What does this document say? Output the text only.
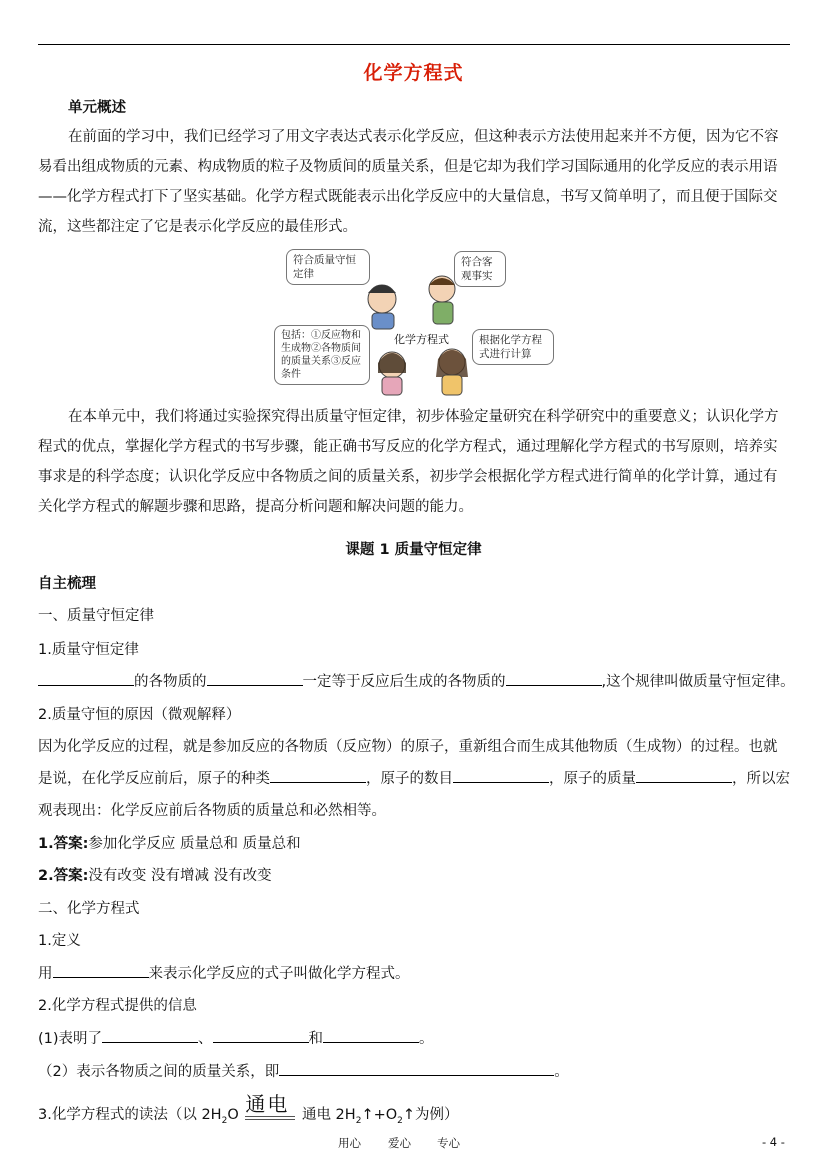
化学方程式
单元概述
在前面的学习中，我们已经学习了用文字表达式表示化学反应，但这种表示方法使用起来并不方便，因为它不容易看出组成物质的元素、构成物质的粒子及物质间的质量关系，但是它却为我们学习国际通用的化学反应的表示用语——化学方程式打下了坚实基础。化学方程式既能表示出化学反应中的大量信息，书写又简单明了，而且便于国际交流，这些都注定了它是表示化学反应的最佳形式。
符合质量守恒定律
符合客观事实
包括：①反应物和生成物②各物质间的质量关系③反应条件
化学方程式	根据化学方程式进行计算
在本单元中，我们将通过实验探究得出质量守恒定律，初步体验定量研究在科学研究中的重要意义；认识化学方程式的优点，掌握化学方程式的书写步骤，能正确书写反应的化学方程式，通过理解化学方程式的书写原则，培养实事求是的科学态度；认识化学反应中各物质之间的质量关系，初步学会根据化学方程式进行简单的化学计算，通过有关化学方程式的解题步骤和思路，提高分析问题和解决问题的能力。
课题 1 质量守恒定律
自主梳理
一、质量守恒定律
1.质量守恒定律
的各物质的	一定等于反应后生成的各物质的	,这个规律叫做质量守恒定律。
2.质量守恒的原因（微观解释）
因为化学反应的过程，就是参加反应的各物质（反应物）的原子，重新组合而生成其他物质（生成物）的过程。也就
是说，在化学反应前后，原子的种类	，原子的数目	，原子的质量	，所以宏
观表现出：化学反应前后各物质的质量总和必然相等。
1.答案:参加化学反应 质量总和 质量总和
2.答案:没有改变 没有增减 没有改变
二、化学方程式
1.定义
用	来表示化学反应的式子叫做化学方程式。
2.化学方程式提供的信息
(1)表明了	、	和	。
（2）表示各物质之间的质量关系，即	。
3.化学方程式的读法（以 $2H_2O$ 通电 通电 $2H_2↑+O_2↑$为例）
用心 爱心 专心	- 4 -
